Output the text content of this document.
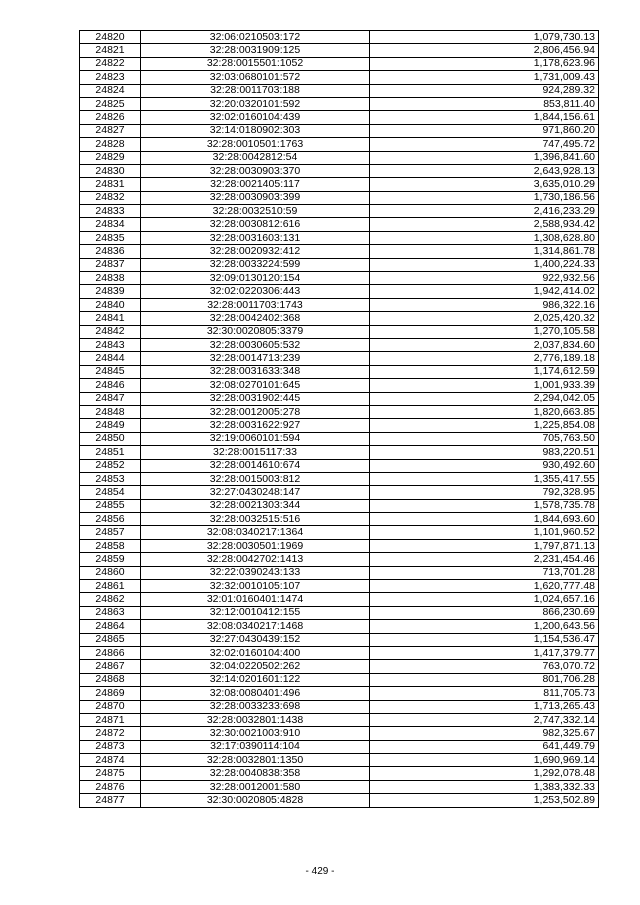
24820	32:06:0210503:172	1,079,730.13
24821	32:28:0031909:125	2,806,456.94
24822	32:28:0015501:1052	1,178,623.96
24823	32:03:0680101:572	1,731,009.43
24824	32:28:0011703:188	924,289.32
24825	32:20:0320101:592	853,811.40
24826	32:02:0160104:439	1,844,156.61
24827	32:14:0180902:303	971,860.20
24828	32:28:0010501:1763	747,495.72
24829	32:28:0042812:54	1,396,841.60
24830	32:28:0030903:370	2,643,928.13
24831	32:28:0021405:117	3,635,010.29
24832	32:28:0030903:399	1,730,186.56
24833	32:28:0032510:59	2,416,233.29
24834	32:28:0030812:616	2,588,934.42
24835	32:28:0031603:131	1,308,628.80
24836	32:28:0020932:412	1,314,861.78
24837	32:28:0033224:599	1,400,224.33
24838	32:09:0130120:154	922,932.56
24839	32:02:0220306:443	1,942,414.02
24840	32:28:0011703:1743	986,322.16
24841	32:28:0042402:368	2,025,420.32
24842	32:30:0020805:3379	1,270,105.58
24843	32:28:0030605:532	2,037,834.60
24844	32:28:0014713:239	2,776,189.18
24845	32:28:0031633:348	1,174,612.59
24846	32:08:0270101:645	1,001,933.39
24847	32:28:0031902:445	2,294,042.05
24848	32:28:0012005:278	1,820,663.85
24849	32:28:0031622:927	1,225,854.08
24850	32:19:0060101:594	705,763.50
24851	32:28:0015117:33	983,220.51
24852	32:28:0014610:674	930,492.60
24853	32:28:0015003:812	1,355,417.55
24854	32:27:0430248:147	792,328.95
24855	32:28:0021303:344	1,578,735.78
24856	32:28:0032515:516	1,844,693.60
24857	32:08:0340217:1364	1,101,960.52
24858	32:28:0030501:1969	1,797,871.13
24859	32:28:0042702:1413	2,231,454.46
24860	32:22:0390243:133	713,701.28
24861	32:32:0010105:107	1,620,777.48
24862	32:01:0160401:1474	1,024,657.16
24863	32:12:0010412:155	866,230.69
24864	32:08:0340217:1468	1,200,643.56
24865	32:27:0430439:152	1,154,536.47
24866	32:02:0160104:400	1,417,379.77
24867	32:04:0220502:262	763,070.72
24868	32:14:0201601:122	801,706.28
24869	32:08:0080401:496	811,705.73
24870	32:28:0033233:698	1,713,265.43
24871	32:28:0032801:1438	2,747,332.14
24872	32:30:0021003:910	982,325.67
24873	32:17:0390114:104	641,449.79
24874	32:28:0032801:1350	1,690,969.14
24875	32:28:0040838:358	1,292,078.48
24876	32:28:0012001:580	1,383,332.33
24877	32:30:0020805:4828	1,253,502.89
- 429 -
